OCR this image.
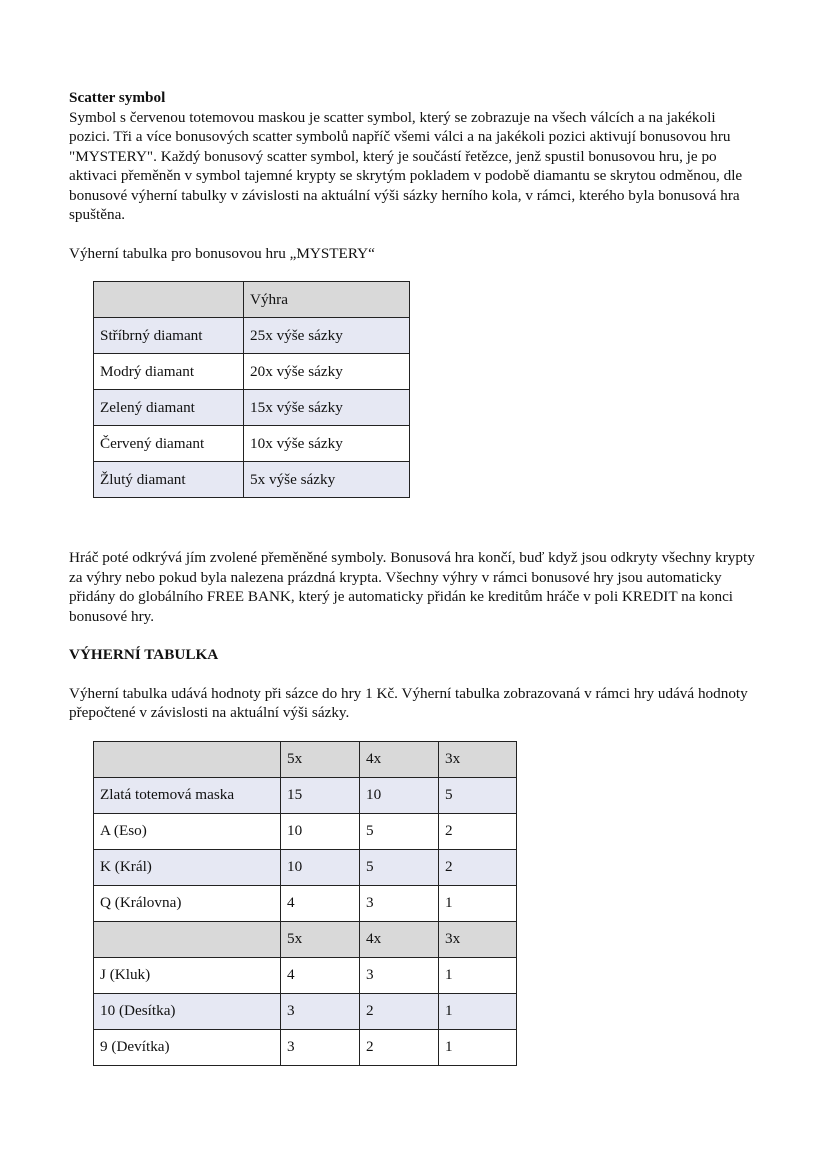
Scatter symbol

Symbol s červenou totemovou maskou je scatter symbol, který se zobrazuje na všech válcích a na jakékoli pozici. Tři a více bonusových scatter symbolů napříč všemi válci a na jakékoli pozici aktivují bonusovou hru "MYSTERY". Každý bonusový scatter symbol, který je součástí řetězce, jenž spustil bonusovou hru, je po aktivaci přeměněn v symbol tajemné krypty se skrytým pokladem v podobě diamantu se skrytou odměnou, dle bonusové výherní tabulky v závislosti na aktuální výši sázky herního kola, v rámci, kterého byla bonusová hra spuštěna.

Výherní tabulka pro bonusovou hru „MYSTERY“

	Výhra
Stříbrný diamant	25x výše sázky
Modrý diamant	20x výše sázky
Zelený diamant	15x výše sázky
Červený diamant	10x výše sázky
Žlutý diamant	5x výše sázky

Hráč poté odkrývá jím zvolené přeměněné symboly. Bonusová hra končí, buď když jsou odkryty všechny krypty za výhry nebo pokud byla nalezena prázdná krypta. Všechny výhry v rámci bonusové hry jsou automaticky přidány do globálního FREE BANK, který je automaticky přidán ke kreditům hráče v poli KREDIT na konci bonusové hry.

VÝHERNÍ TABULKA

Výherní tabulka udává hodnoty při sázce do hry 1 Kč. Výherní tabulka zobrazovaná v rámci hry udává hodnoty přepočtené v závislosti na aktuální výši sázky.

	5x	4x	3x
Zlatá totemová maska	15	10	5
A (Eso)	10	5	2
K (Král)	10	5	2
Q (Královna)	4	3	1
	5x	4x	3x
J (Kluk)	4	3	1
10 (Desítka)	3	2	1
9 (Devítka)	3	2	1
